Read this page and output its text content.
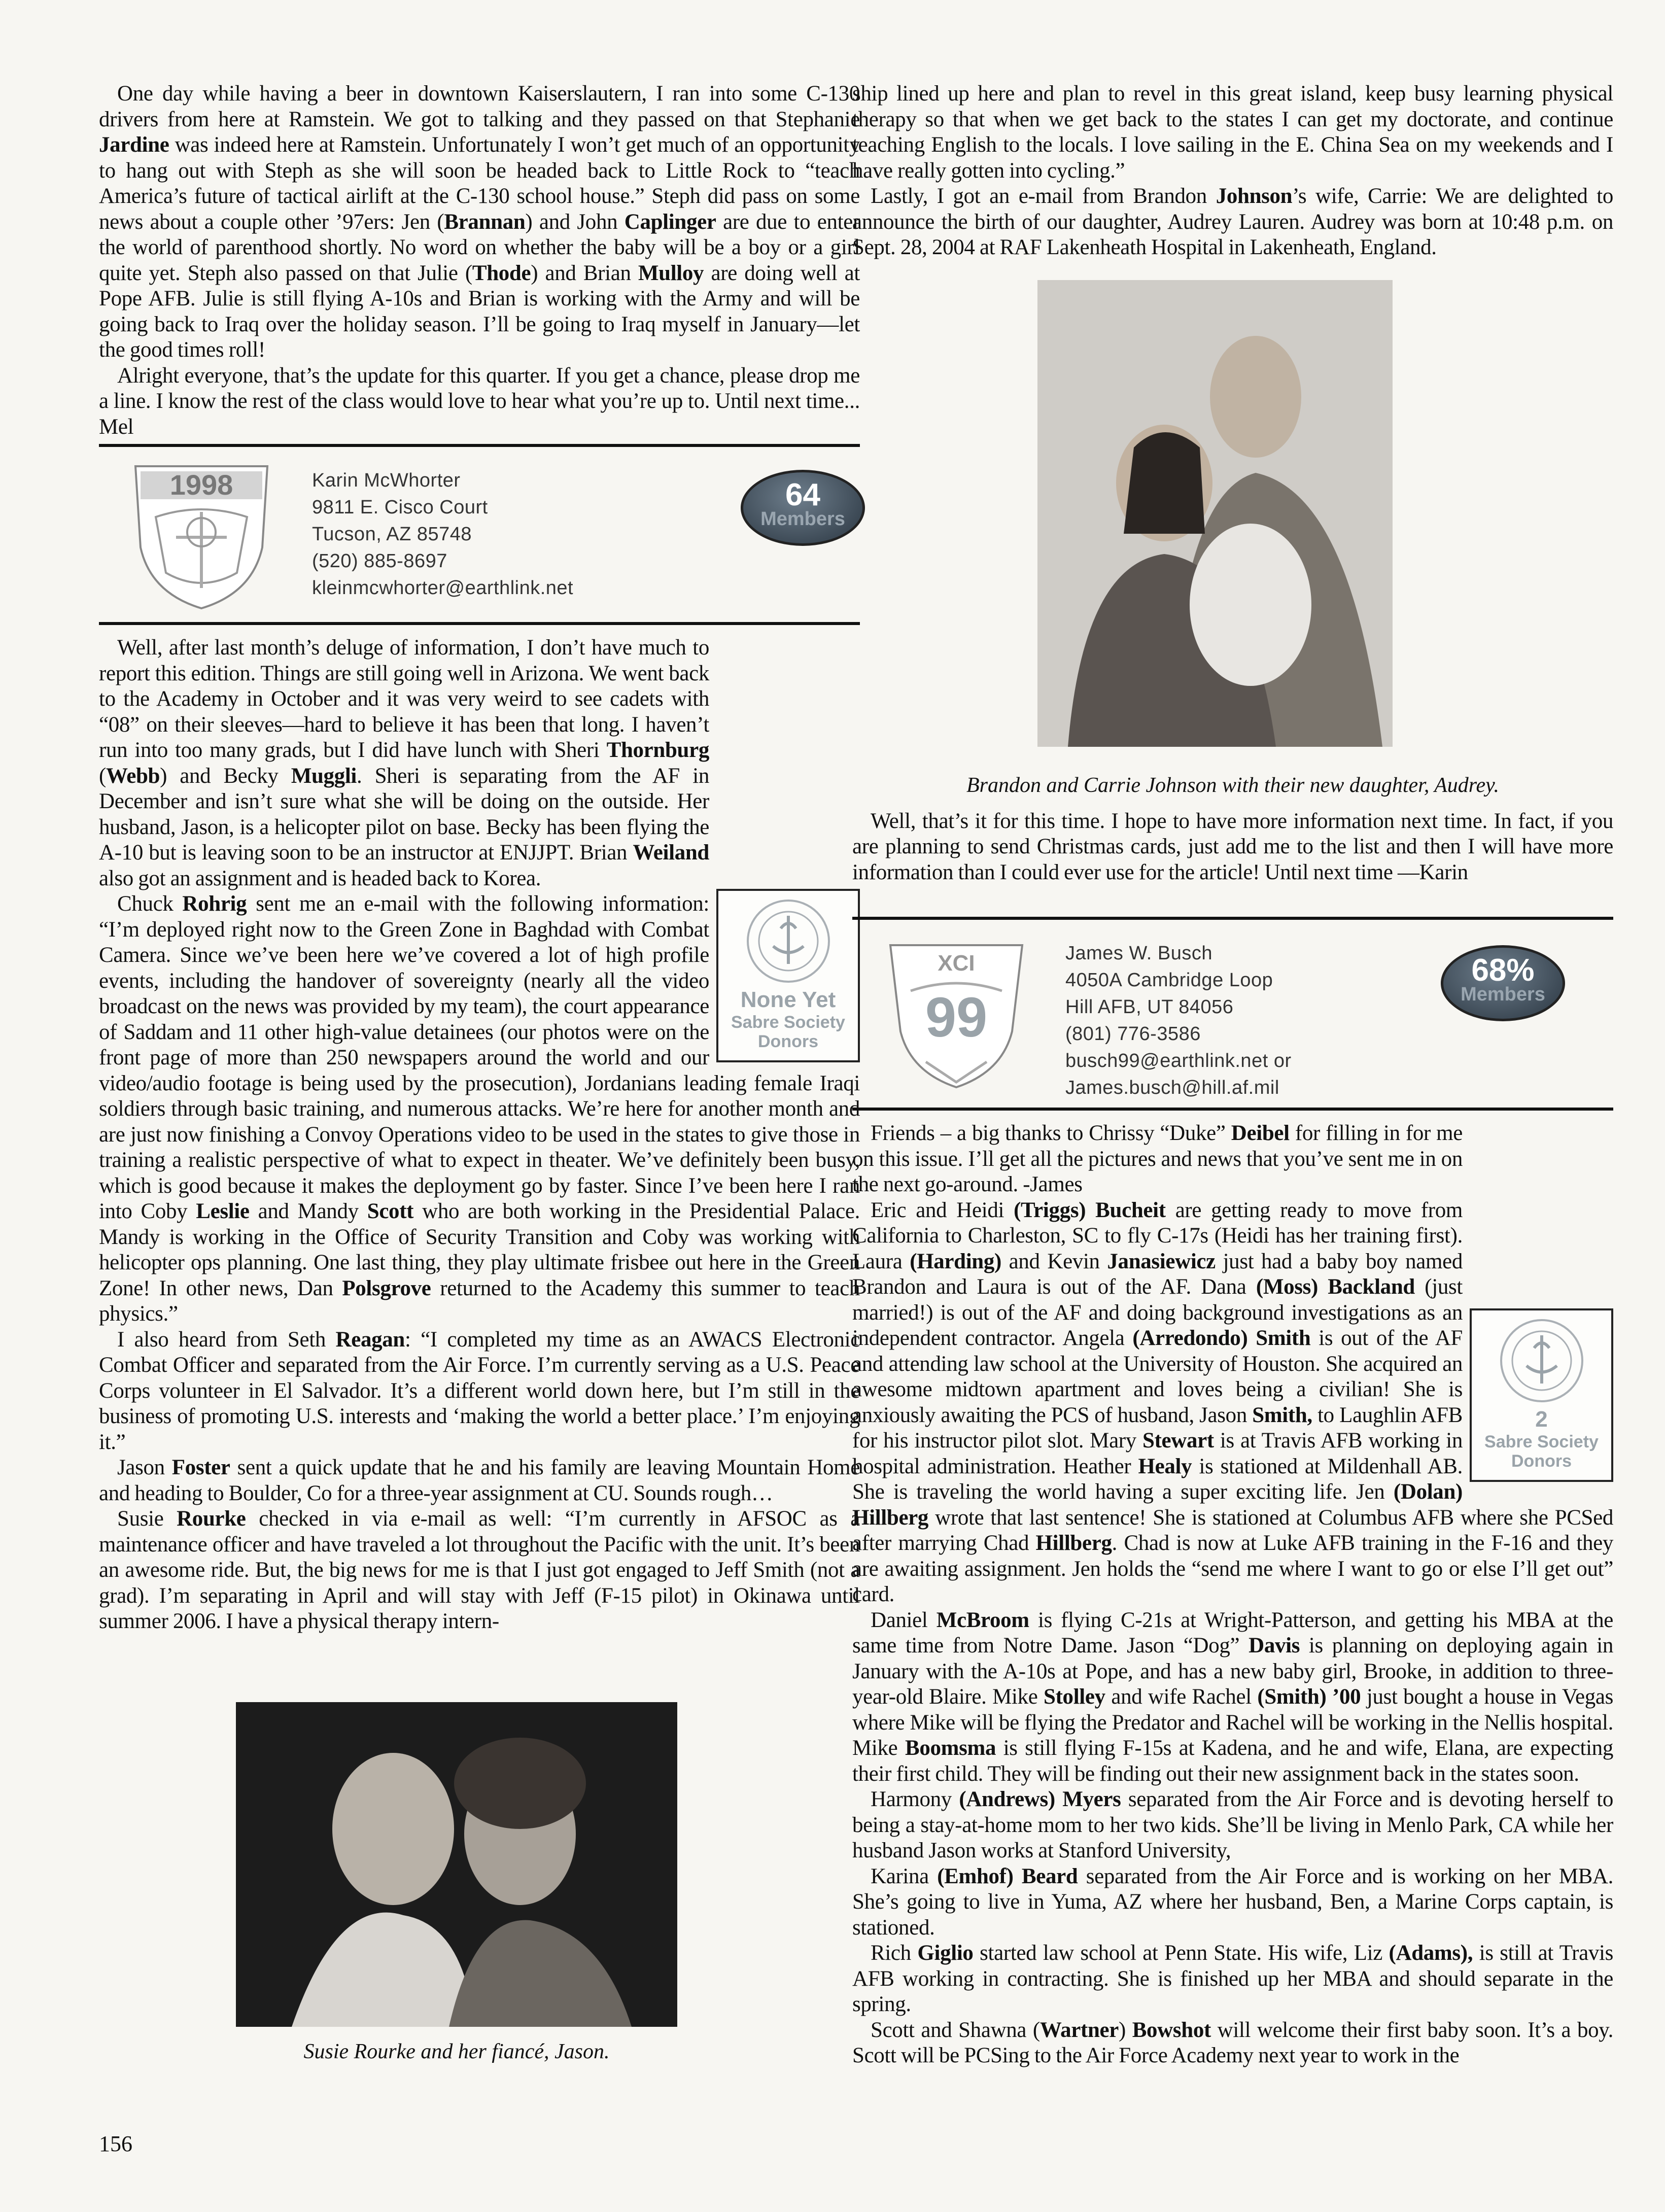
One day while having a beer in downtown Kaiserslautern, I ran into some C-130 drivers from here at Ramstein. We got to talking and they passed on that Stephanie Jardine was indeed here at Ramstein. Unfortunately I won’t get much of an opportunity to hang out with Steph as she will soon be headed back to Little Rock to “teach America’s future of tactical airlift at the C-130 school house.” Steph did pass on some news about a couple other ’97ers: Jen (Brannan) and John Caplinger are due to enter the world of parenthood shortly. No word on whether the baby will be a boy or a girl quite yet. Steph also passed on that Julie (Thode) and Brian Mulloy are doing well at Pope AFB. Julie is still flying A-10s and Brian is working with the Army and will be going back to Iraq over the holiday season. I’ll be going to Iraq myself in January—let the good times roll!

Alright everyone, that’s the update for this quarter. If you get a chance, please drop me a line. I know the rest of the class would love to hear what you’re up to. Until next time... Mel

1998	Karin McWhorter
9811 E. Cisco Court
Tucson, AZ 85748
(520) 885-8697
kleinmcwhorter@earthlink.net
64
Members
None Yet
Sabre Society
Donors

Well, after last month’s deluge of information, I don’t have much to report this edition. Things are still going well in Arizona. We went back to the Academy in October and it was very weird to see cadets with “08” on their sleeves—hard to believe it has been that long. I haven’t run into too many grads, but I did have lunch with Sheri Thornburg (Webb) and Becky Muggli. Sheri is separating from the AF in December and isn’t sure what she will be doing on the outside. Her husband, Jason, is a helicopter pilot on base. Becky has been flying the A-10 but is leaving soon to be an instructor at ENJJPT. Brian Weiland also got an assignment and is headed back to Korea.

Chuck Rohrig sent me an e-mail with the following information: “I’m deployed right now to the Green Zone in Baghdad with Combat Camera. Since we’ve been here we’ve covered a lot of high profile events, including the handover of sovereignty (nearly all the video broadcast on the news was provided by my team), the court appearance of Saddam and 11 other high-value detainees (our photos were on the front page of more than 250 newspapers around the world and our video/audio footage is being used by the prosecution), Jordanians leading female Iraqi soldiers through basic training, and numerous attacks. We’re here for another month and are just now finishing a Convoy Operations video to be used in the states to give those in training a realistic perspective of what to expect in theater. We’ve definitely been busy, which is good because it makes the deployment go by faster. Since I’ve been here I ran into Coby Leslie and Mandy Scott who are both working in the Presidential Palace. Mandy is working in the Office of Security Transition and Coby was working with helicopter ops planning. One last thing, they play ultimate frisbee out here in the Green Zone! In other news, Dan Polsgrove returned to the Academy this summer to teach physics.”

I also heard from Seth Reagan: “I completed my time as an AWACS Electronic Combat Officer and separated from the Air Force. I’m currently serving as a U.S. Peace Corps volunteer in El Salvador. It’s a different world down here, but I’m still in the business of promoting U.S. interests and ‘making the world a better place.’ I’m enjoying it.”

Jason Foster sent a quick update that he and his family are leaving Mountain Home and heading to Boulder, Co for a three-year assignment at CU. Sounds rough…

Susie Rourke checked in via e-mail as well: “I’m currently in AFSOC as a maintenance officer and have traveled a lot throughout the Pacific with the unit. It’s been an awesome ride. But, the big news for me is that I just got engaged to Jeff Smith (not a grad). I’m separating in April and will stay with Jeff (F-15 pilot) in Okinawa until summer 2006. I have a physical therapy intern-

Susie Rourke and her fiancé, Jason.
156

ship lined up here and plan to revel in this great island, keep busy learning physical therapy so that when we get back to the states I can get my doctorate, and continue teaching English to the locals. I love sailing in the E. China Sea on my weekends and I have really gotten into cycling.”

Lastly, I got an e-mail from Brandon Johnson’s wife, Carrie: We are delighted to announce the birth of our daughter, Audrey Lauren. Audrey was born at 10:48 p.m. on Sept. 28, 2004 at RAF Lakenheath Hospital in Lakenheath, England.

Brandon and Carrie Johnson with their new daughter, Audrey.

Well, that’s it for this time. I hope to have more information next time. In fact, if you are planning to send Christmas cards, just add me to the list and then I will have more information than I could ever use for the article! Until next time —Karin

XCI
99
James W. Busch
4050A Cambridge Loop
Hill AFB, UT 84056
(801) 776-3586
busch99@earthlink.net or
James.busch@hill.af.mil
68%
Members
2
Sabre Society
Donors

Friends – a big thanks to Chrissy “Duke” Deibel for filling in for me on this issue. I’ll get all the pictures and news that you’ve sent me in on the next go-around. -James

Eric and Heidi (Triggs) Bucheit are getting ready to move from California to Charleston, SC to fly C-17s (Heidi has her training first). Laura (Harding) and Kevin Janasiewicz just had a baby boy named Brandon and Laura is out of the AF. Dana (Moss) Backland (just married!) is out of the AF and doing background investigations as an independent contractor. Angela (Arredondo) Smith is out of the AF and attending law school at the University of Houston. She acquired an awesome midtown apartment and loves being a civilian! She is anxiously awaiting the PCS of husband, Jason Smith, to Laughlin AFB for his instructor pilot slot. Mary Stewart is at Travis AFB working in hospital administration. Heather Healy is stationed at Mildenhall AB. She is traveling the world having a super exciting life. Jen (Dolan) Hillberg wrote that last sentence! She is stationed at Columbus AFB where she PCSed after marrying Chad Hillberg. Chad is now at Luke AFB training in the F-16 and they are awaiting assignment. Jen holds the “send me where I want to go or else I’ll get out” card.

Daniel McBroom is flying C-21s at Wright-Patterson, and getting his MBA at the same time from Notre Dame. Jason “Dog” Davis is planning on deploying again in January with the A-10s at Pope, and has a new baby girl, Brooke, in addition to three-year-old Blaire. Mike Stolley and wife Rachel (Smith) ’00 just bought a house in Vegas where Mike will be flying the Predator and Rachel will be working in the Nellis hospital. Mike Boomsma is still flying F-15s at Kadena, and he and wife, Elana, are expecting their first child. They will be finding out their new assignment back in the states soon.

Harmony (Andrews) Myers separated from the Air Force and is devoting herself to being a stay-at-home mom to her two kids. She’ll be living in Menlo Park, CA while her husband Jason works at Stanford University,

Karina (Emhof) Beard separated from the Air Force and is working on her MBA. She’s going to live in Yuma, AZ where her husband, Ben, a Marine Corps captain, is stationed.

Rich Giglio started law school at Penn State. His wife, Liz (Adams), is still at Travis AFB working in contracting. She is finished up her MBA and should separate in the spring.

Scott and Shawna (Wartner) Bowshot will welcome their first baby soon. It’s a boy. Scott will be PCSing to the Air Force Academy next year to work in the
